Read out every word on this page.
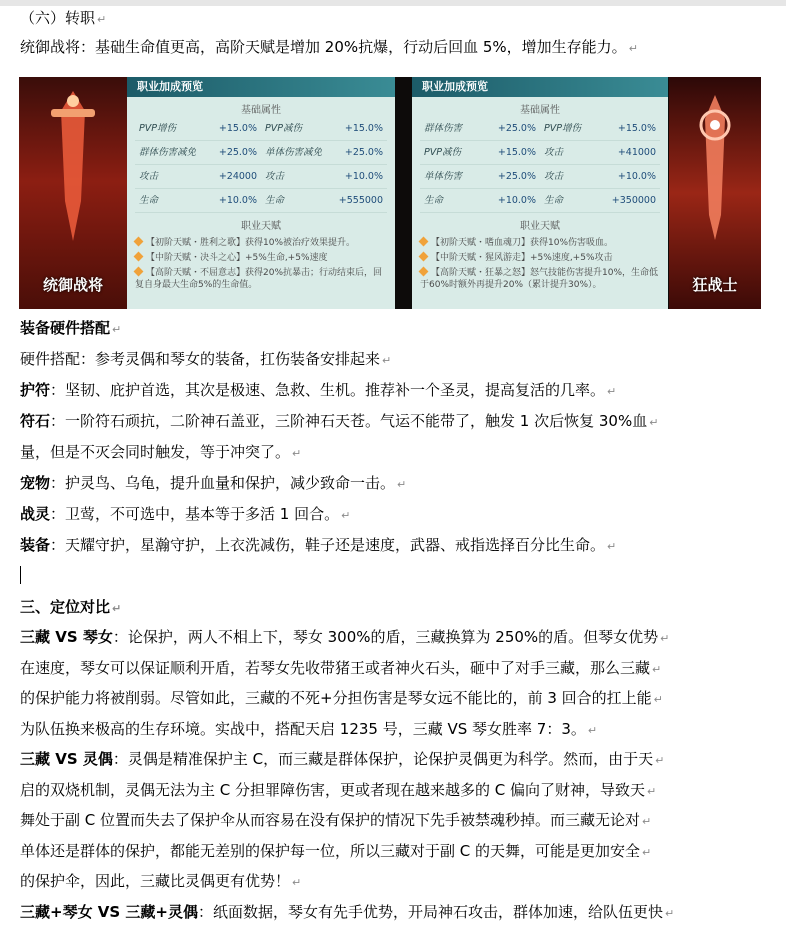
（六）转职 ↵
统御战将：基础生命值更高，高阶天赋是增加 20%抗爆，行动后回血 5%，增加生存能力。 ↵
统御战将
职业加成预览
基础属性
PVP增伤	+15.0% PVP减伤	+15.0%
群体伤害减免 +25.0% 单体伤害减免 +25.0%
攻击	+24000 攻击	+10.0%
生命	+10.0% 生命	+555000
职业天赋
【初阶天赋・胜利之歌】获得10%被治疗效果提升。
【中阶天赋・决斗之心】+5%生命,+5%速度
【高阶天赋・不屈意志】获得20%抗暴击；行动结束后，回复自身最大生命5%的生命值。
职业加成预览
基础属性
群体伤害	+25.0% PVP增伤	+15.0%
PVP减伤	+15.0% 攻击	+41000
单体伤害	+25.0% 攻击	+10.0%
生命	+10.0% 生命	+350000
职业天赋
【初阶天赋・嗜血魂刀】获得10%伤害吸血。
【中阶天赋・猩风游走】+5%速度,+5%攻击
【高阶天赋・狂暴之怒】怒气技能伤害提升10%，生命低于60%时额外再提升20%（累计提升30%）。	狂战士
装备硬件搭配 ↵
硬件搭配：参考灵偶和琴女的装备，扛伤装备安排起来 ↵
护符：坚韧、庇护首选，其次是极速、急救、生机。推荐补一个圣灵，提高复活的几率。 ↵
符石：一阶符石顽抗，二阶神石盖亚，三阶神石天苍。气运不能带了，触发 1 次后恢复 30%血 ↵
量，但是不灭会同时触发，等于冲突了。 ↵
宠物：护灵鸟、乌龟，提升血量和保护，减少致命一击。 ↵
战灵：卫莺，不可选中，基本等于多活 1 回合。 ↵
装备：天耀守护，星瀚守护，上衣洗减伤，鞋子还是速度，武器、戒指选择百分比生命。 ↵
三、定位对比 ↵
三藏 VS 琴女：论保护，两人不相上下，琴女 300%的盾，三藏换算为 250%的盾。但琴女优势 ↵
在速度，琴女可以保证顺利开盾，若琴女先收带猪王或者神火石头，砸中了对手三藏，那么三藏 ↵
的保护能力将被削弱。尽管如此，三藏的不死+分担伤害是琴女远不能比的，前 3 回合的扛上能 ↵
为队伍换来极高的生存环境。实战中，搭配天启 1235 号，三藏 VS 琴女胜率 7：3。 ↵
三藏 VS 灵偶：灵偶是精准保护主 C，而三藏是群体保护，论保护灵偶更为科学。然而，由于天 ↵
启的双烧机制，灵偶无法为主 C 分担罪障伤害，更或者现在越来越多的 C 偏向了财神，导致天 ↵
舞处于副 C 位置而失去了保护伞从而容易在没有保护的情况下先手被禁魂秒掉。而三藏无论对 ↵
单体还是群体的保护，都能无差别的保护每一位，所以三藏对于副 C 的天舞，可能是更加安全 ↵
的保护伞，因此，三藏比灵偶更有优势！ ↵
三藏+琴女 VS 三藏+灵偶：纸面数据，琴女有先手优势，开局神石攻击，群体加速，给队伍更快 ↵
